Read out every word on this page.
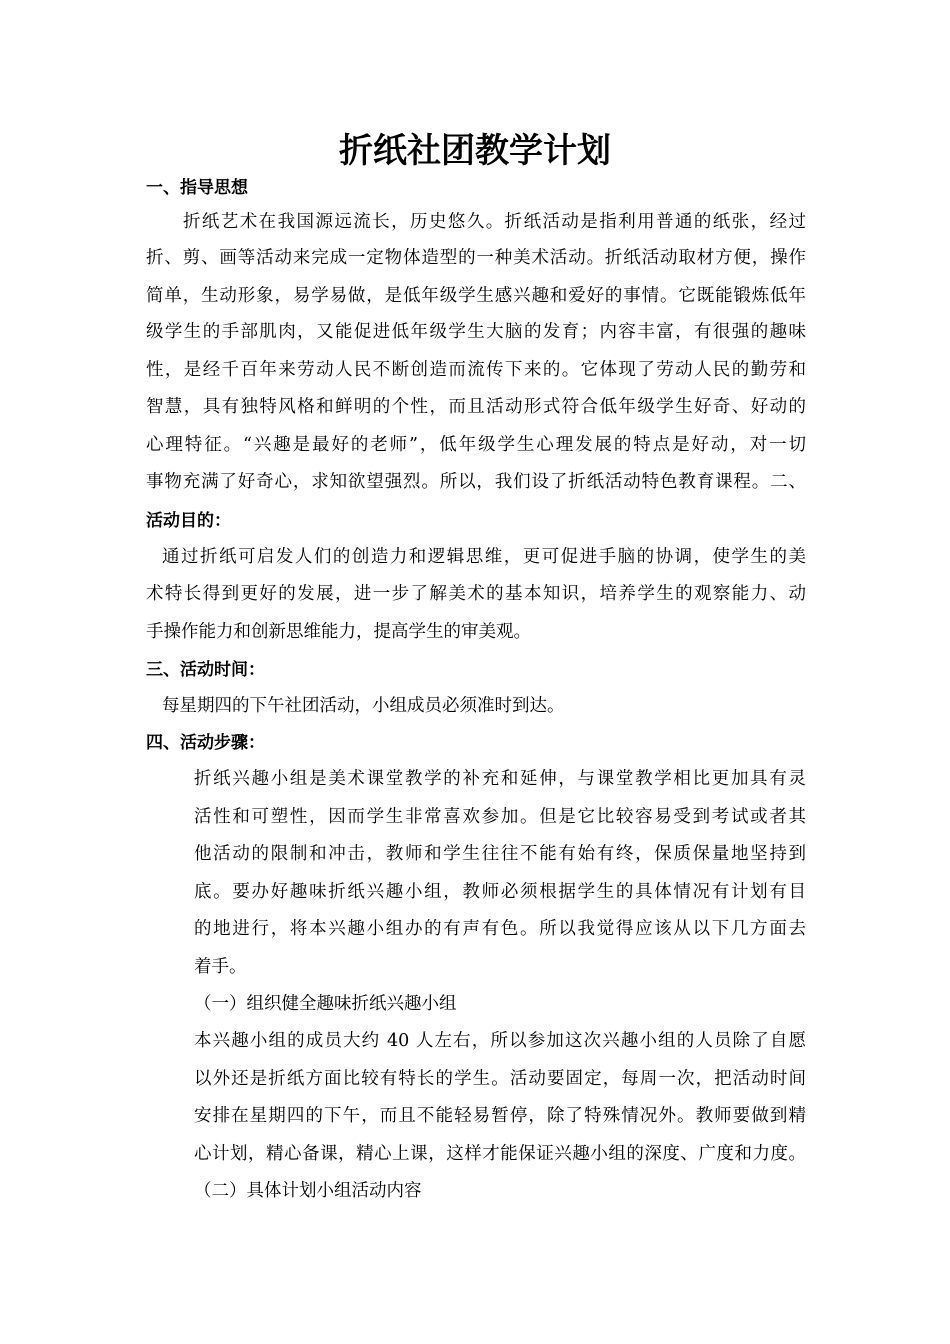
折纸社团教学计划

一、指导思想

折纸艺术在我国源远流长，历史悠久。折纸活动是指利用普通的纸张，经过

折、剪、画等活动来完成一定物体造型的一种美术活动。折纸活动取材方便，操作

简单，生动形象，易学易做，是低年级学生感兴趣和爱好的事情。它既能锻炼低年

级学生的手部肌肉，又能促进低年级学生大脑的发育；内容丰富，有很强的趣味

性，是经千百年来劳动人民不断创造而流传下来的。它体现了劳动人民的勤劳和

智慧，具有独特风格和鲜明的个性，而且活动形式符合低年级学生好奇、好动的

心理特征。“兴趣是最好的老师”，低年级学生心理发展的特点是好动，对一切

事物充满了好奇心，求知欲望强烈。所以，我们设了折纸活动特色教育课程。二、

活动目的：

通过折纸可启发人们的创造力和逻辑思维，更可促进手脑的协调，使学生的美

术特长得到更好的发展，进一步了解美术的基本知识，培养学生的观察能力、动

手操作能力和创新思维能力，提高学生的审美观。

三、活动时间：

每星期四的下午社团活动，小组成员必须准时到达。

四、活动步骤：

折纸兴趣小组是美术课堂教学的补充和延伸，与课堂教学相比更加具有灵

活性和可塑性，因而学生非常喜欢参加。但是它比较容易受到考试或者其

他活动的限制和冲击，教师和学生往往不能有始有终，保质保量地坚持到

底。要办好趣味折纸兴趣小组，教师必须根据学生的具体情况有计划有目

的地进行，将本兴趣小组办的有声有色。所以我觉得应该从以下几方面去

着手。

（一）组织健全趣味折纸兴趣小组

本兴趣小组的成员大约 40 人左右，所以参加这次兴趣小组的人员除了自愿

以外还是折纸方面比较有特长的学生。活动要固定，每周一次，把活动时间

安排在星期四的下午，而且不能轻易暂停，除了特殊情况外。教师要做到精

心计划，精心备课，精心上课，这样才能保证兴趣小组的深度、广度和力度。

（二）具体计划小组活动内容
